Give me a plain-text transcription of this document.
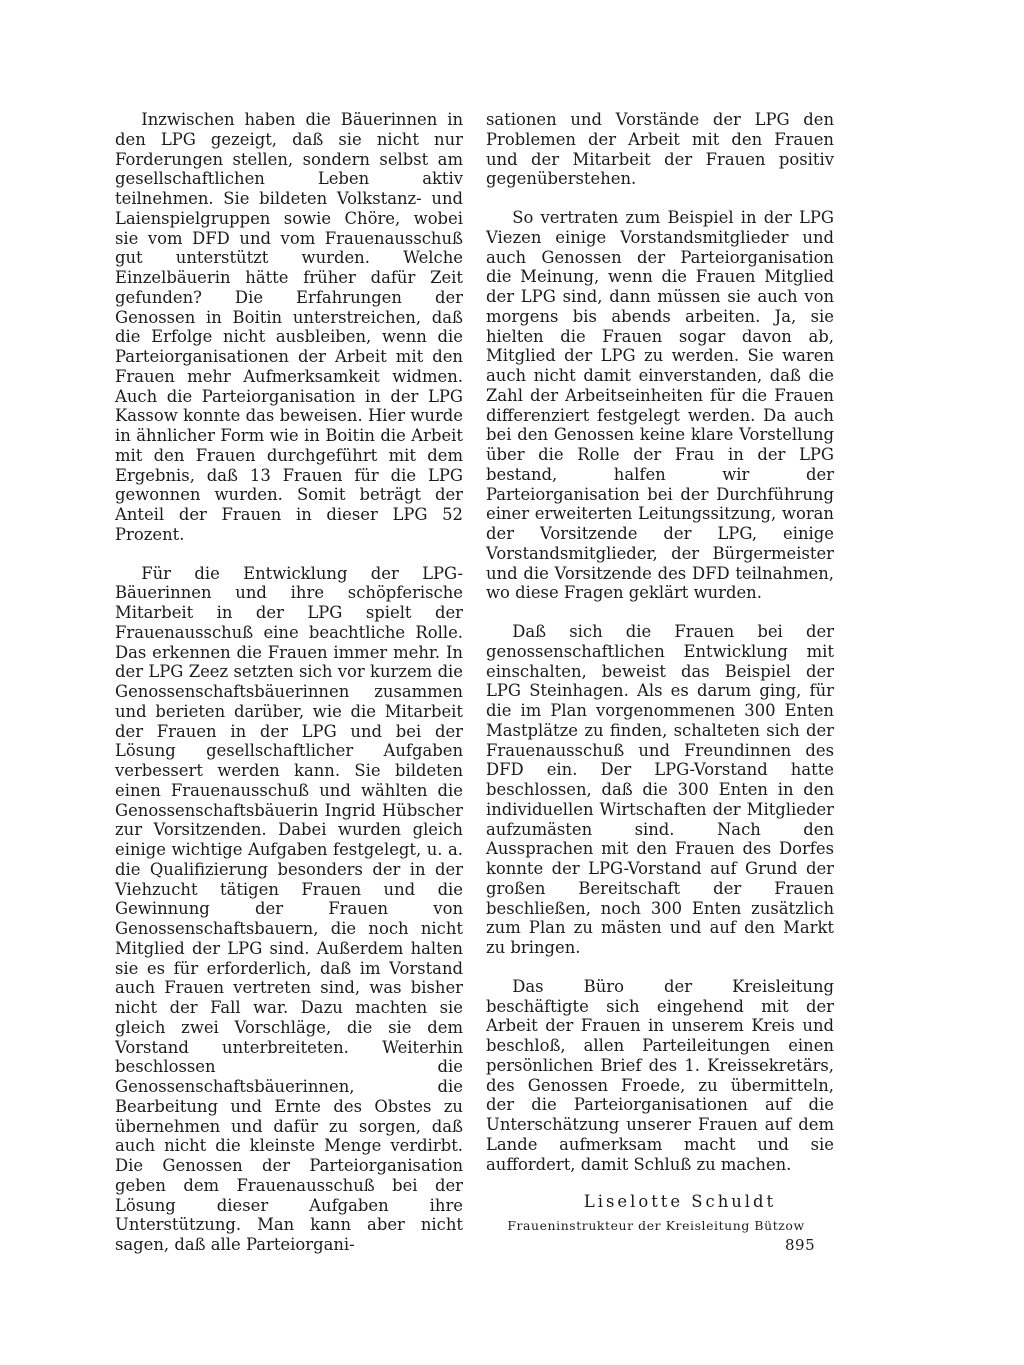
Inzwischen haben die Bäuerinnen in den LPG gezeigt, daß sie nicht nur Forderungen stellen, sondern selbst am gesellschaftlichen Leben aktiv teilnehmen. Sie bildeten Volkstanz- und Laienspielgruppen sowie Chöre, wobei sie vom DFD und vom Frauenausschuß gut unterstützt wurden. Welche Einzelbäuerin hätte früher dafür Zeit gefunden? Die Erfahrungen der Genossen in Boitin unterstreichen, daß die Erfolge nicht ausbleiben, wenn die Parteiorganisationen der Arbeit mit den Frauen mehr Aufmerksamkeit widmen. Auch die Parteiorganisation in der LPG Kassow konnte das beweisen. Hier wurde in ähnlicher Form wie in Boitin die Arbeit mit den Frauen durchgeführt mit dem Ergebnis, daß 13 Frauen für die LPG gewonnen wurden. Somit beträgt der Anteil der Frauen in dieser LPG 52 Prozent.

Für die Entwicklung der LPG-Bäuerinnen und ihre schöpferische Mitarbeit in der LPG spielt der Frauenausschuß eine beachtliche Rolle. Das erkennen die Frauen immer mehr. In der LPG Zeez setzten sich vor kurzem die Genossenschaftsbäuerinnen zusammen und berieten darüber, wie die Mitarbeit der Frauen in der LPG und bei der Lösung gesellschaftlicher Aufgaben verbessert werden kann. Sie bildeten einen Frauenausschuß und wählten die Genossenschaftsbäuerin Ingrid Hübscher zur Vorsitzenden. Dabei wurden gleich einige wichtige Aufgaben festgelegt, u. a. die Qualifizierung besonders der in der Viehzucht tätigen Frauen und die Gewinnung der Frauen von Genossenschaftsbauern, die noch nicht Mitglied der LPG sind. Außerdem halten sie es für erforderlich, daß im Vorstand auch Frauen vertreten sind, was bisher nicht der Fall war. Dazu machten sie gleich zwei Vorschläge, die sie dem Vorstand unterbreiteten. Weiterhin beschlossen die Genossenschaftsbäuerinnen, die Bearbeitung und Ernte des Obstes zu übernehmen und dafür zu sorgen, daß auch nicht die kleinste Menge verdirbt. Die Genossen der Parteiorganisation geben dem Frauenausschuß bei der Lösung dieser Aufgaben ihre Unterstützung. Man kann aber nicht sagen, daß alle Parteiorgani-

sationen und Vorstände der LPG den Problemen der Arbeit mit den Frauen und der Mitarbeit der Frauen positiv gegenüberstehen.

So vertraten zum Beispiel in der LPG Viezen einige Vorstandsmitglieder und auch Genossen der Parteiorganisation die Meinung, wenn die Frauen Mitglied der LPG sind, dann müssen sie auch von morgens bis abends arbeiten. Ja, sie hielten die Frauen sogar davon ab, Mitglied der LPG zu werden. Sie waren auch nicht damit einverstanden, daß die Zahl der Arbeitseinheiten für die Frauen differenziert festgelegt werden. Da auch bei den Genossen keine klare Vorstellung über die Rolle der Frau in der LPG bestand, halfen wir der Parteiorganisation bei der Durchführung einer erweiterten Leitungssitzung, woran der Vorsitzende der LPG, einige Vorstandsmitglieder, der Bürgermeister und die Vorsitzende des DFD teilnahmen, wo diese Fragen geklärt wurden.

Daß sich die Frauen bei der genossenschaftlichen Entwicklung mit einschalten, beweist das Beispiel der LPG Steinhagen. Als es darum ging, für die im Plan vorgenommenen 300 Enten Mastplätze zu finden, schalteten sich der Frauenausschuß und Freundinnen des DFD ein. Der LPG-Vorstand hatte beschlossen, daß die 300 Enten in den individuellen Wirtschaften der Mitglieder aufzumästen sind. Nach den Aussprachen mit den Frauen des Dorfes konnte der LPG-Vorstand auf Grund der großen Bereitschaft der Frauen beschließen, noch 300 Enten zusätzlich zum Plan zu mästen und auf den Markt zu bringen.

Das Büro der Kreisleitung beschäftigte sich eingehend mit der Arbeit der Frauen in unserem Kreis und beschloß, allen Parteileitungen einen persönlichen Brief des 1. Kreissekretärs, des Genossen Froede, zu übermitteln, der die Parteiorganisationen auf die Unterschätzung unserer Frauen auf dem Lande aufmerksam macht und sie auffordert, damit Schluß zu machen.

Liselotte Schuldt
Fraueninstrukteur der Kreisleitung Bützow
895
